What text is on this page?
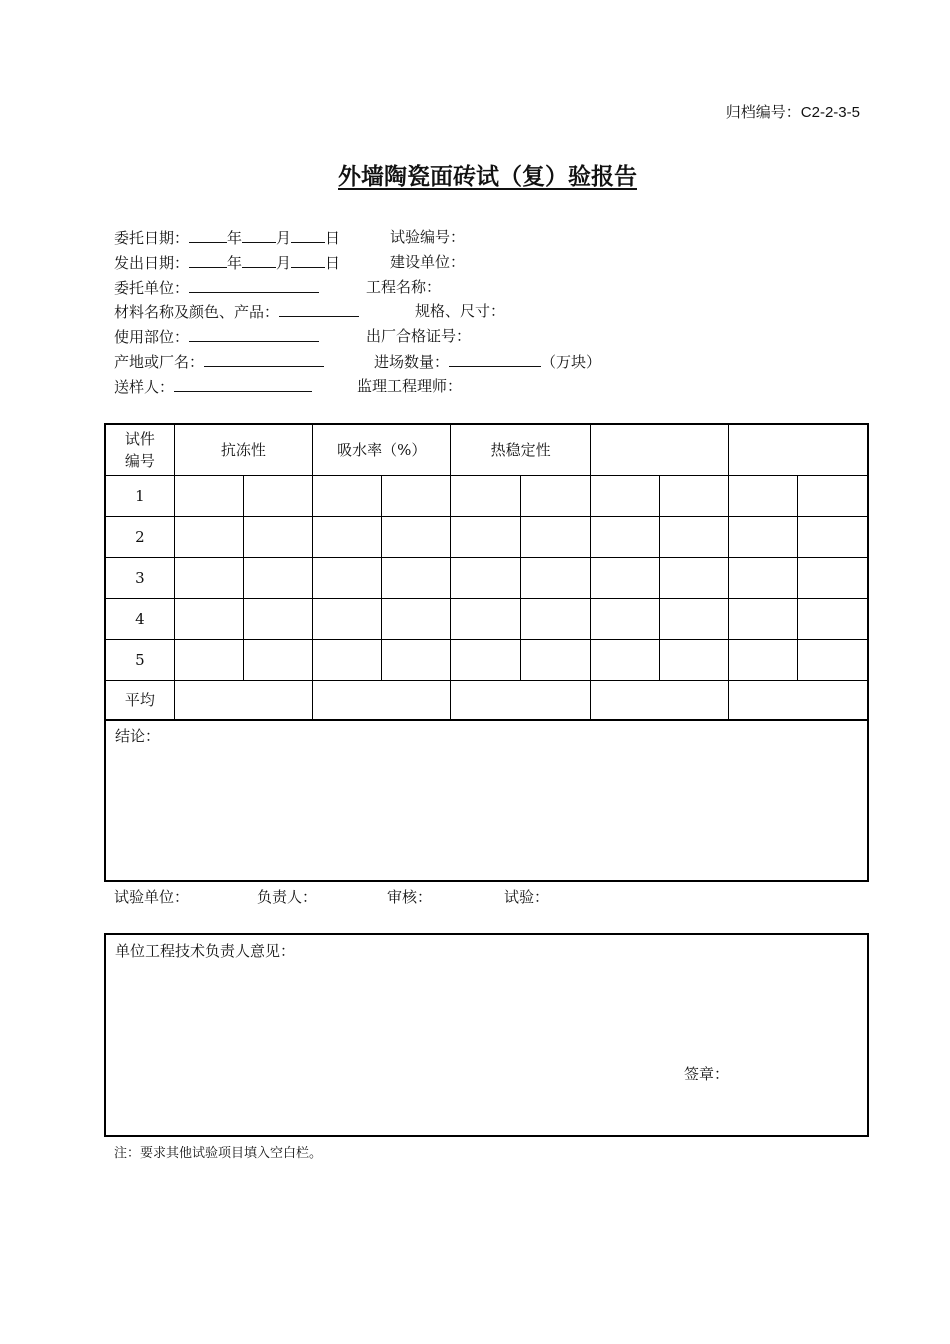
归档编号：C2-2-3-5
外墙陶瓷面砖试（复）验报告
委托日期：	年 月 日	试验编号：
发出日期：	年 月 日	建设单位：
委托单位：	工程名称：
材料名称及颜色、产品：	规格、尺寸：
使用部位：	出厂合格证号：
产地或厂名：	进场数量：	（万块）
送样人：	监理工程理师：
试件编号	抗冻性		吸水率（%）		热稳定性					
1										
2										
3										
4										
5										
平均										
结论：
试验单位：	负责人：	审核：	试验：
单位工程技术负责人意见：
签章：
注：要求其他试验项目填入空白栏。
